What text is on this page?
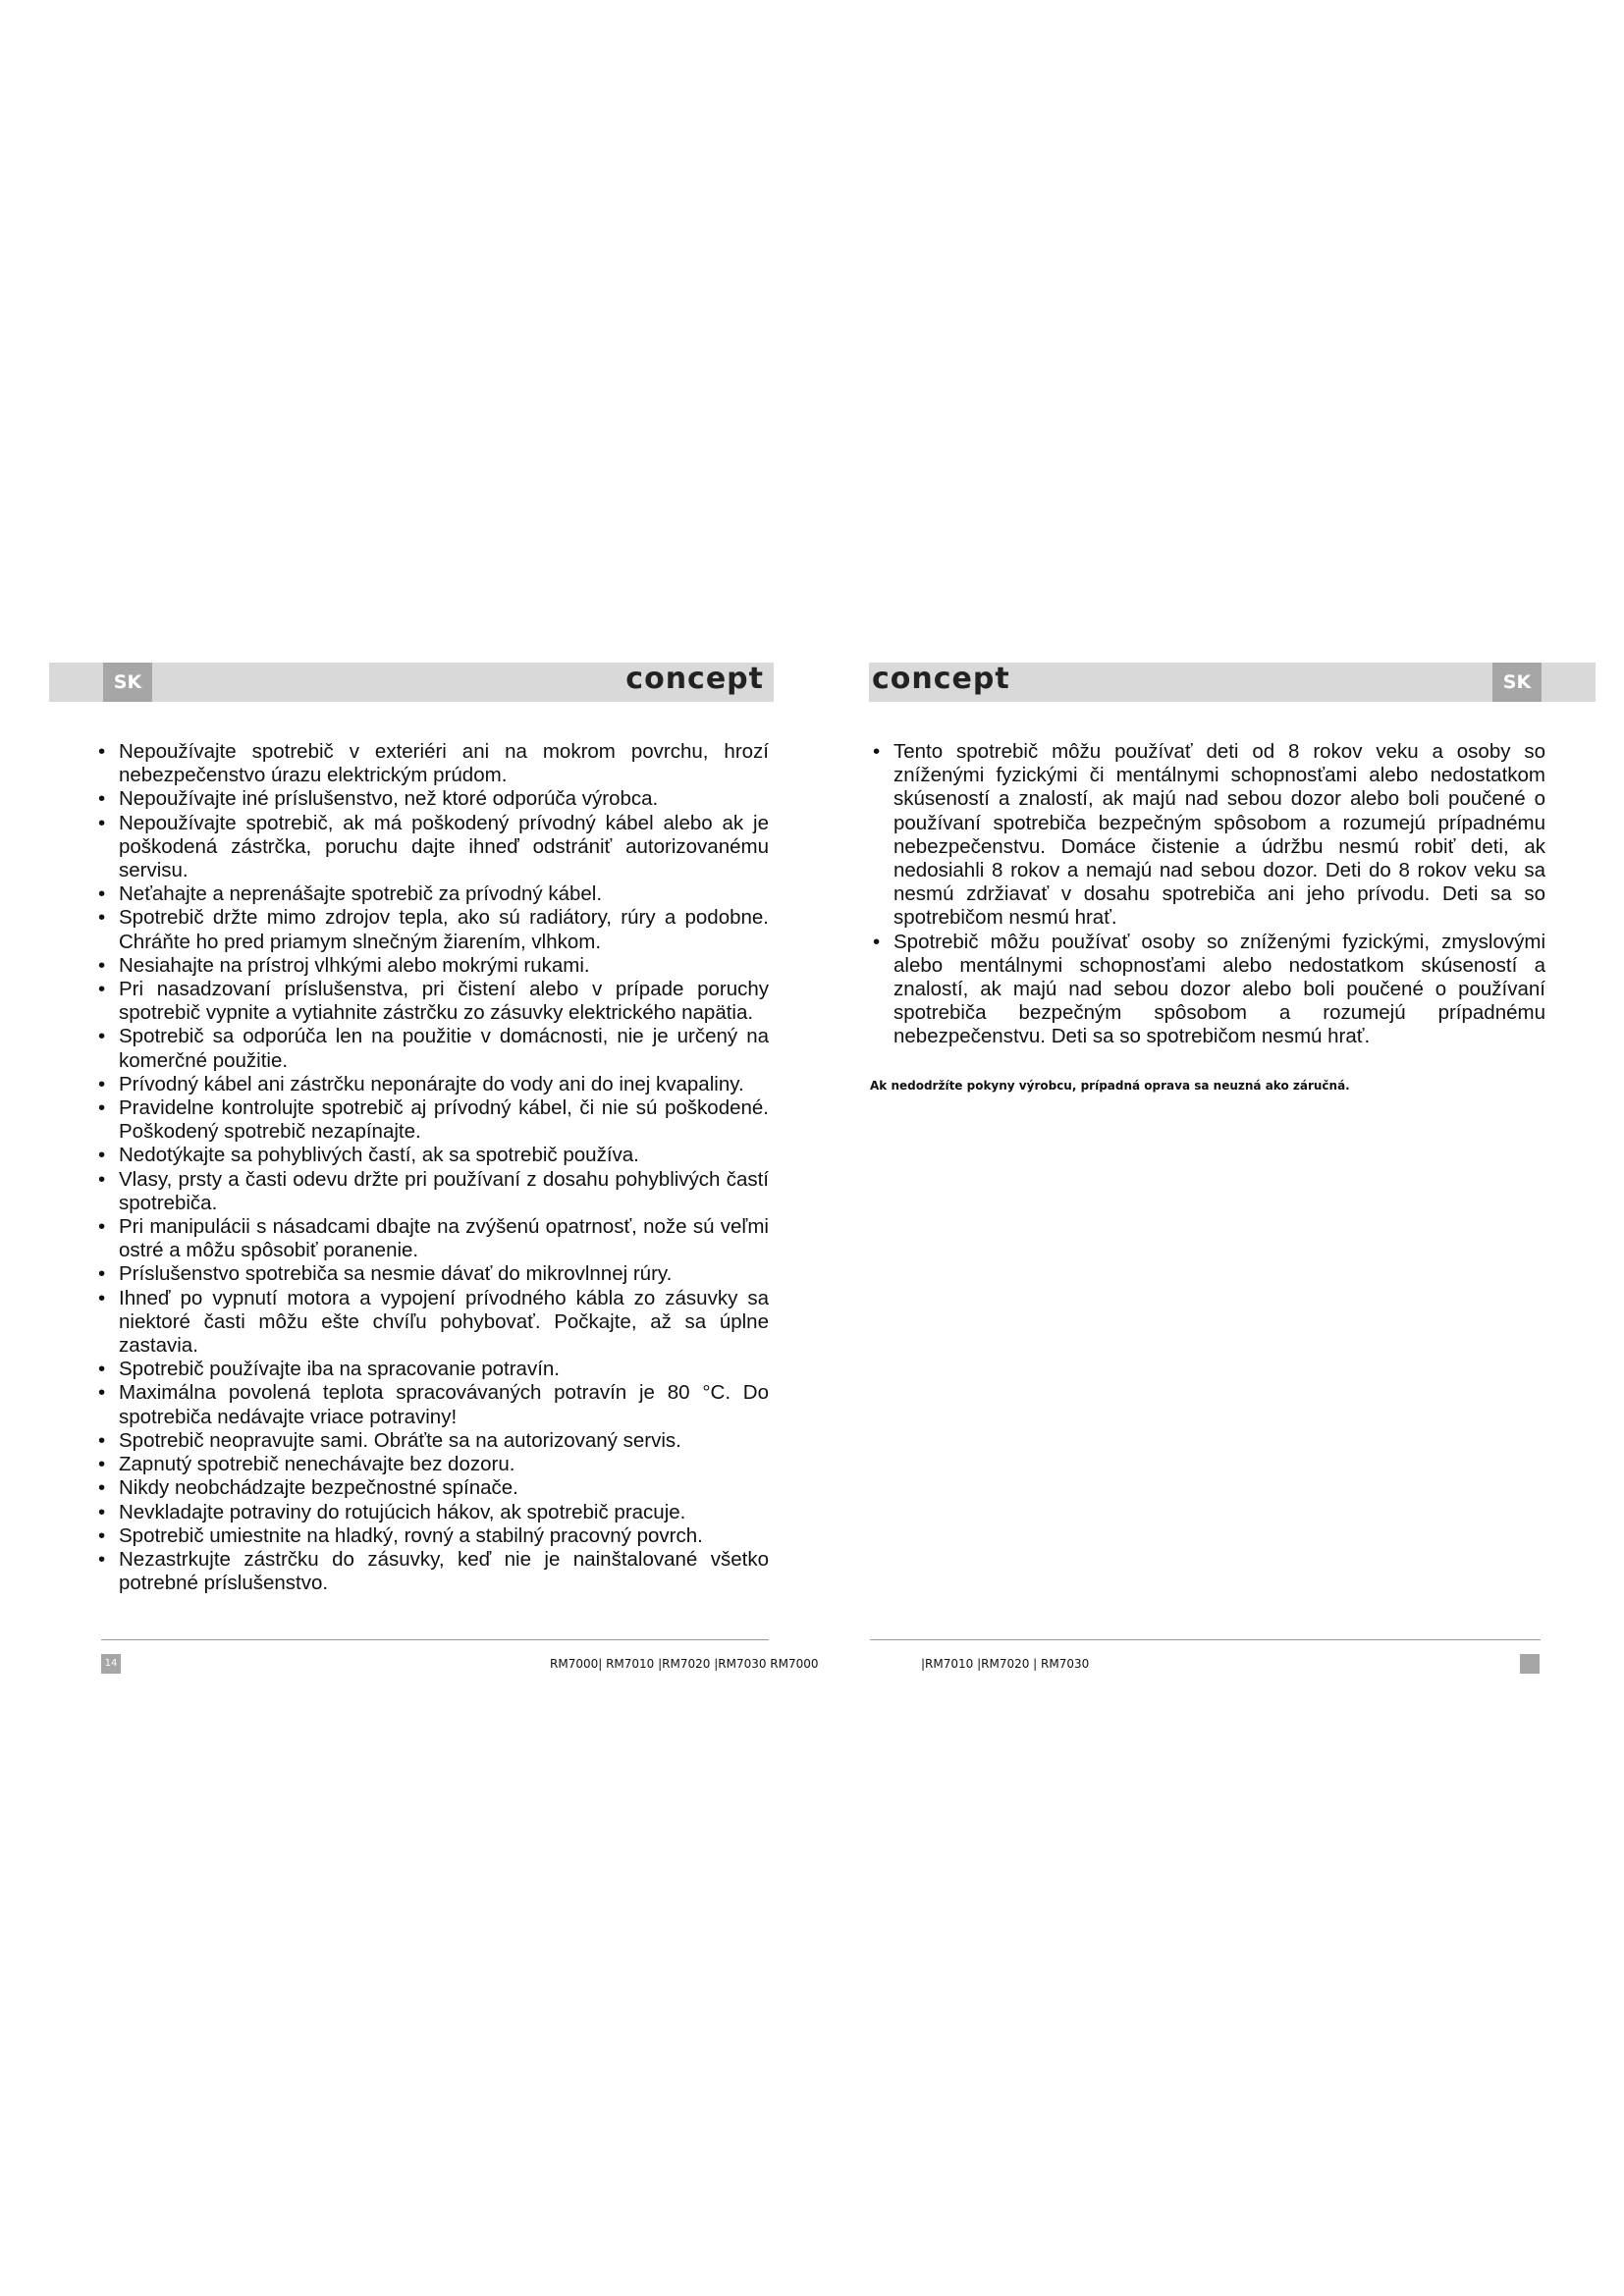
SK	concept	concept	SK
• Nepoužívajte spotrebič v exteriéri ani na mokrom povrchu, hrozí nebezpečenstvo úrazu elektrickým prúdom.
• Nepoužívajte iné príslušenstvo, než ktoré odporúča výrobca.
• Nepoužívajte spotrebič, ak má poškodený prívodný kábel alebo ak je poškodená zástrčka, poruchu dajte ihneď odstrániť autorizovanému servisu.
• Neťahajte a neprenášajte spotrebič za prívodný kábel.
• Spotrebič držte mimo zdrojov tepla, ako sú radiátory, rúry a podobne. Chráňte ho pred priamym slnečným žiarením, vlhkom.
• Nesiahajte na prístroj vlhkými alebo mokrými rukami.
• Pri nasadzovaní príslušenstva, pri čistení alebo v prípade poruchy spotrebič vypnite a vytiahnite zástrčku zo zásuvky elektrického napätia.
• Spotrebič sa odporúča len na použitie v domácnosti, nie je určený na komerčné použitie.
• Prívodný kábel ani zástrčku neponárajte do vody ani do inej kvapaliny.
• Pravidelne kontrolujte spotrebič aj prívodný kábel, či nie sú poškodené. Poškodený spotrebič nezapínajte.
• Nedotýkajte sa pohyblivých častí, ak sa spotrebič používa.
• Vlasy, prsty a časti odevu držte pri používaní z dosahu pohyblivých častí spotrebiča.
• Pri manipulácii s násadcami dbajte na zvýšenú opatrnosť, nože sú veľmi ostré a môžu spôsobiť poranenie.
• Príslušenstvo spotrebiča sa nesmie dávať do mikrovlnnej rúry.
• Ihneď po vypnutí motora a vypojení prívodného kábla zo zásuvky sa niektoré časti môžu ešte chvíľu pohybovať. Počkajte, až sa úplne zastavia.
• Spotrebič používajte iba na spracovanie potravín.
• Maximálna povolená teplota spracovávaných potravín je 80 °C. Do spotrebiča nedávajte vriace potraviny!
• Spotrebič neopravujte sami. Obráťte sa na autorizovaný servis.
• Zapnutý spotrebič nenechávajte bez dozoru.
• Nikdy neobchádzajte bezpečnostné spínače.
• Nevkladajte potraviny do rotujúcich hákov, ak spotrebič pracuje.
• Spotrebič umiestnite na hladký, rovný a stabilný pracovný povrch.
• Nezastrkujte zástrčku do zásuvky, keď nie je nainštalované všetko potrebné príslušenstvo.
• Tento spotrebič môžu používať deti od 8 rokov veku a osoby so zníženými fyzickými či mentálnymi schopnosťami alebo nedostatkom skúseností a znalostí, ak majú nad sebou dozor alebo boli poučené o používaní spotrebiča bezpečným spôsobom a rozumejú prípadnému nebezpečenstvu. Domáce čistenie a údržbu nesmú robiť deti, ak nedosiahli 8 rokov a nemajú nad sebou dozor. Deti do 8 rokov veku sa nesmú zdržiavať v dosahu spotrebiča ani jeho prívodu. Deti sa so spotrebičom nesmú hrať.
• Spotrebič môžu používať osoby so zníženými fyzickými, zmyslovými alebo mentálnymi schopnosťami alebo nedostatkom skúseností a znalostí, ak majú nad sebou dozor alebo boli poučené o používaní spotrebiča bezpečným spôsobom a rozumejú prípadnému nebezpečenstvu. Deti sa so spotrebičom nesmú hrať.
Ak nedodržíte pokyny výrobcu, prípadná oprava sa neuzná ako záručná.
14	RM7000| RM7010 |RM7020 |RM7030 RM7000	|RM7010 |RM7020 | RM7030
